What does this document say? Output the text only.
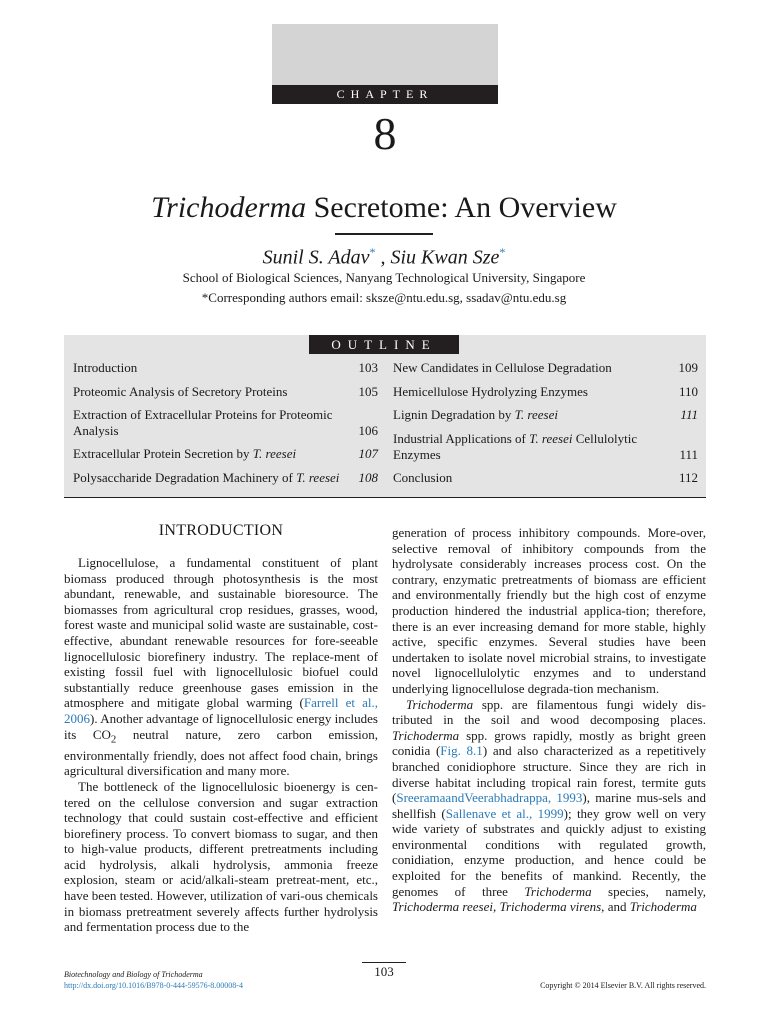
CHAPTER
8
Trichoderma Secretome: An Overview
Sunil S. Adav* , Siu Kwan Sze*
School of Biological Sciences, Nanyang Technological University, Singapore
*Corresponding authors email: sksze@ntu.edu.sg, ssadav@ntu.edu.sg
OUTLINE
Introduction	103
Proteomic Analysis of Secretory Proteins	105
Extraction of Extracellular Proteins for Proteomic
Analysis	106
Extracellular Protein Secretion by T. reesei	107
Polysaccharide Degradation Machinery of T. reesei	108
New Candidates in Cellulose Degradation	109
Hemicellulose Hydrolyzing Enzymes	110
Lignin Degradation by T. reesei	111
Industrial Applications of T. reesei Cellulolytic
Enzymes	111
Conclusion	112
INTRODUCTION

Lignocellulose, a fundamental constituent of plant biomass produced through photosynthesis is the most abundant, renewable, and sustainable bioresource. The biomasses from agricultural crop residues, grasses, wood, forest waste and municipal solid waste are sustainable, cost-effective, abundant renewable resources for fore-seeable lignocellulosic biorefinery industry. The replace-ment of existing fossil fuel with lignocellulosic biofuel could substantially reduce greenhouse gases emission in the atmosphere and mitigate global warming (Farrell et al., 2006). Another advantage of lignocellulosic energy includes its $CO_2$ neutral nature, zero carbon emission, environmentally friendly, does not affect food chain, brings agricultural diversification and many more.

The bottleneck of the lignocellulosic bioenergy is cen-tered on the cellulose conversion and sugar extraction technology that could sustain cost-effective and efficient biorefinery process. To convert biomass to sugar, and then to high-value products, different pretreatments including acid hydrolysis, alkali hydrolysis, ammonia freeze explosion, steam or acid/alkali-steam pretreat-ment, etc., have been tested. However, utilization of vari-ous chemicals in biomass pretreatment severely affects further hydrolysis and fermentation process due to the

generation of process inhibitory compounds. More-over, selective removal of inhibitory compounds from the hydrolysate considerably increases process cost. On the contrary, enzymatic pretreatments of biomass are efficient and environmentally friendly but the high cost of enzyme production hindered the industrial applica-tion; therefore, there is an ever increasing demand for more stable, highly active, specific enzymes. Several studies have been undertaken to isolate novel microbial strains, to investigate novel lignocellulolytic enzymes and to understand underlying lignocellulose degrada-tion mechanism.

Trichoderma spp. are filamentous fungi widely dis-tributed in the soil and wood decomposing places. Trichoderma spp. grows rapidly, mostly as bright green conidia (Fig. 8.1) and also characterized as a repetitively branched conidiophore structure. Since they are rich in diverse habitat including tropical rain forest, termite guts (SreeramaandVeerabhadrappa, 1993), marine mus-sels and shellfish (Sallenave et al., 1999); they grow well on very wide variety of substrates and quickly adjust to existing environmental conditions with regulated growth, conidiation, enzyme production, and hence could be exploited for the benefits of mankind. Recently, the genomes of three Trichoderma species, namely, Trichoderma reesei, Trichoderma virens, and Trichoderma

Biotechnology and Biology of Trichoderma
http://dx.doi.org/10.1016/B978-0-444-59576-8.00008-4
103
Copyright © 2014 Elsevier B.V. All rights reserved.
